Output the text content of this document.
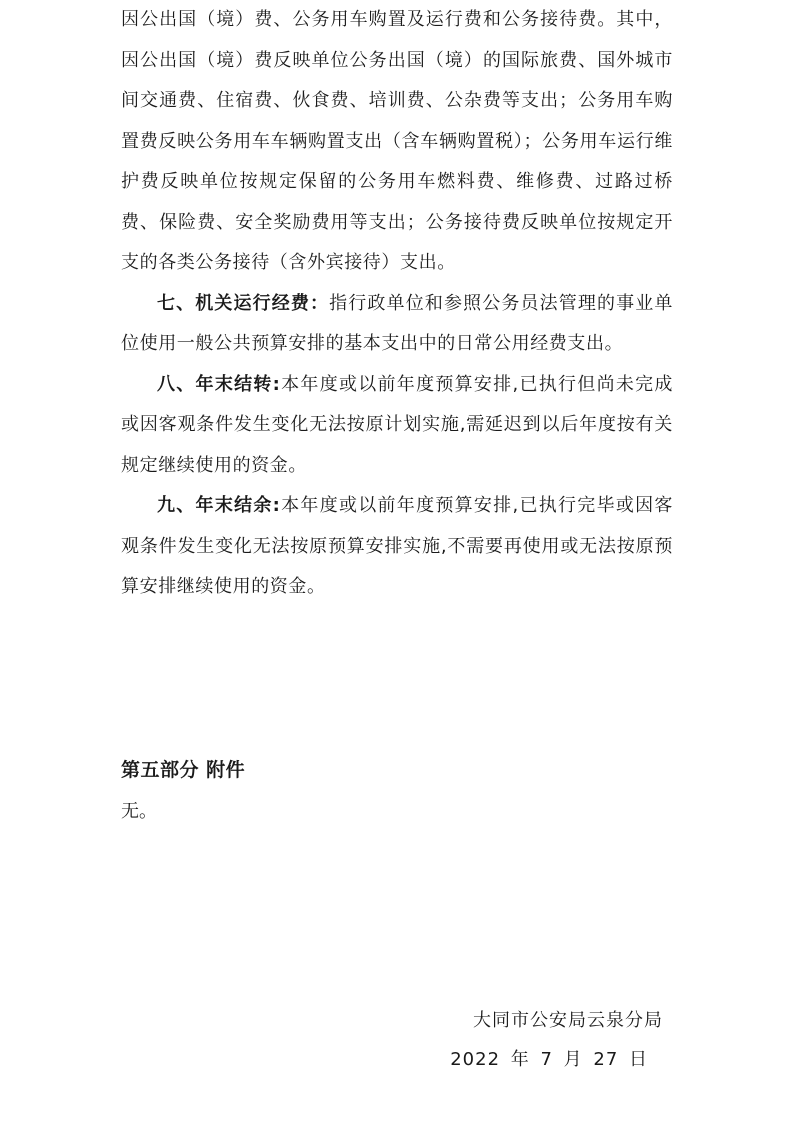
因公出国（境）费、公务用车购置及运行费和公务接待费。其中，因公出国（境）费反映单位公务出国（境）的国际旅费、国外城市间交通费、住宿费、伙食费、培训费、公杂费等支出；公务用车购置费反映公务用车车辆购置支出（含车辆购置税）；公务用车运行维护费反映单位按规定保留的公务用车燃料费、维修费、过路过桥费、保险费、安全奖励费用等支出；公务接待费反映单位按规定开支的各类公务接待（含外宾接待）支出。

七、机关运行经费：指行政单位和参照公务员法管理的事业单位使用一般公共预算安排的基本支出中的日常公用经费支出。

八、年末结转:本年度或以前年度预算安排,已执行但尚未完成或因客观条件发生变化无法按原计划实施,需延迟到以后年度按有关规定继续使用的资金。

九、年末结余:本年度或以前年度预算安排,已执行完毕或因客观条件发生变化无法按原预算安排实施,不需要再使用或无法按原预算安排继续使用的资金。

第五部分 附件
无。
大同市公安局云泉分局
2022 年 7 月 27 日
